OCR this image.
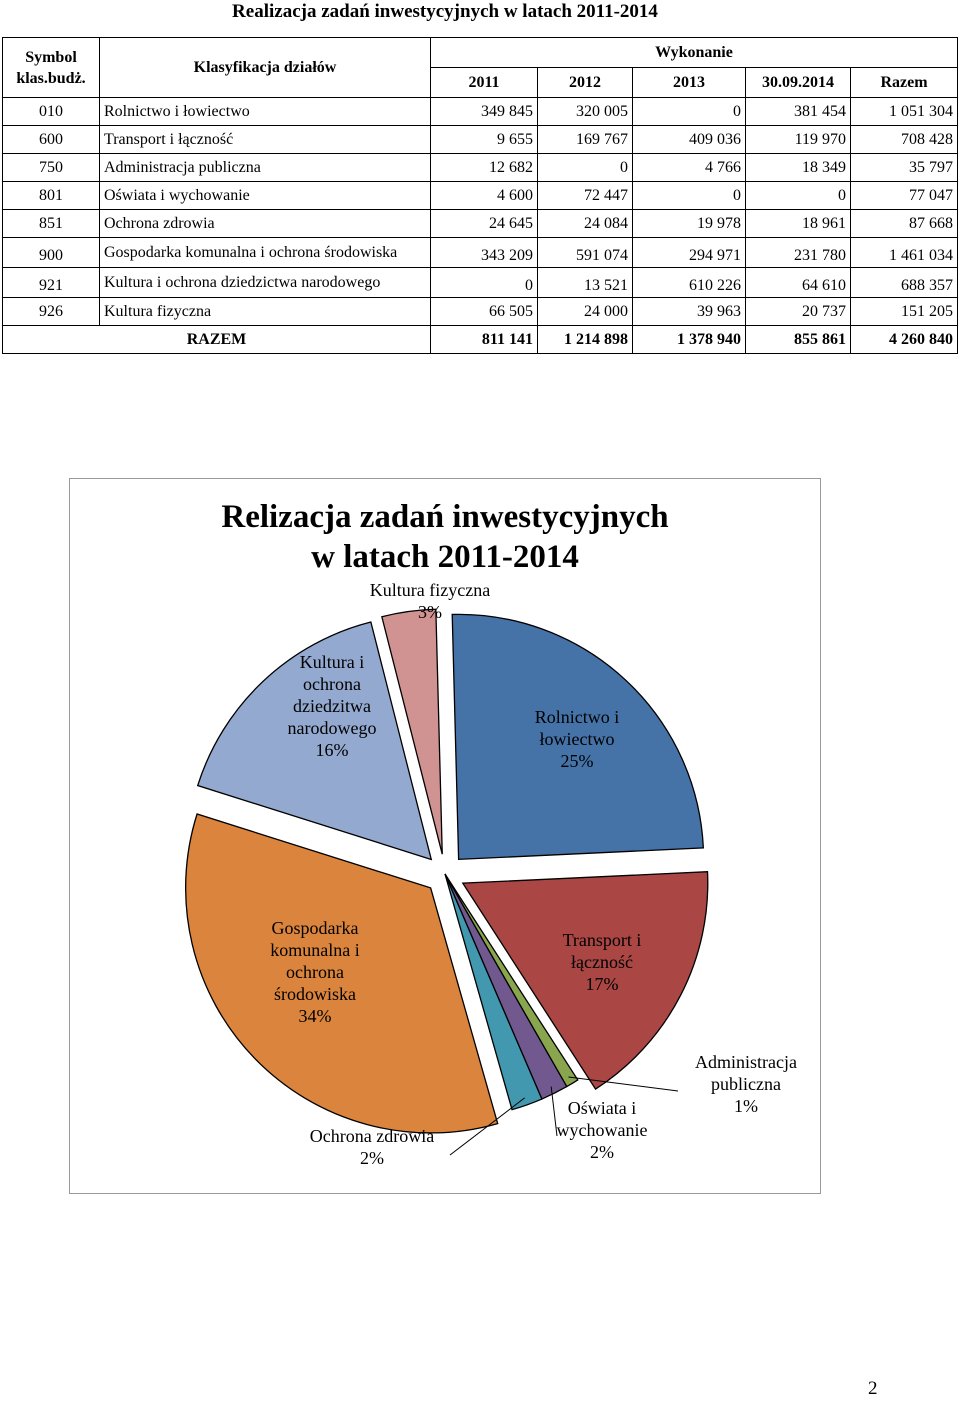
Realizacja zadań inwestycyjnych w latach 2011-2014
Symbol klas.budż.	Klasyfikacja działów	Wykonanie				
		2011	2012	2013	30.09.2014	Razem
010	Rolnictwo i łowiectwo	349 845	320 005	0	381 454	1 051 304
600	Transport i łączność	9 655	169 767	409 036	119 970	708 428
750	Administracja publiczna	12 682	0	4 766	18 349	35 797
801	Oświata i wychowanie	4 600	72 447	0	0	77 047
851	Ochrona zdrowia	24 645	24 084	19 978	18 961	87 668
900	Gospodarka komunalna i ochrona środowiska	343 209	591 074	294 971	231 780	1 461 034
921	Kultura i ochrona dziedzictwa narodowego	0	13 521	610 226	64 610	688 357
926	Kultura fizyczna	66 505	24 000	39 963	20 737	151 205
RAZEM		811 141	1 214 898	1 378 940	855 861	4 260 840
Relizacja zadań inwestycyjnych
w latach 2011-2014
Rolnictwo i łowiectwo 25%
Transport i łączność 17%
Administracja publiczna 1%
Oświata i wychowanie 2%
Ochrona zdrowia 2%
Gospodarka komunalna i ochrona środowiska 34%
Kultura i ochrona dziedzitwa narodowego 16%
Kultura fizyczna 3%
2
